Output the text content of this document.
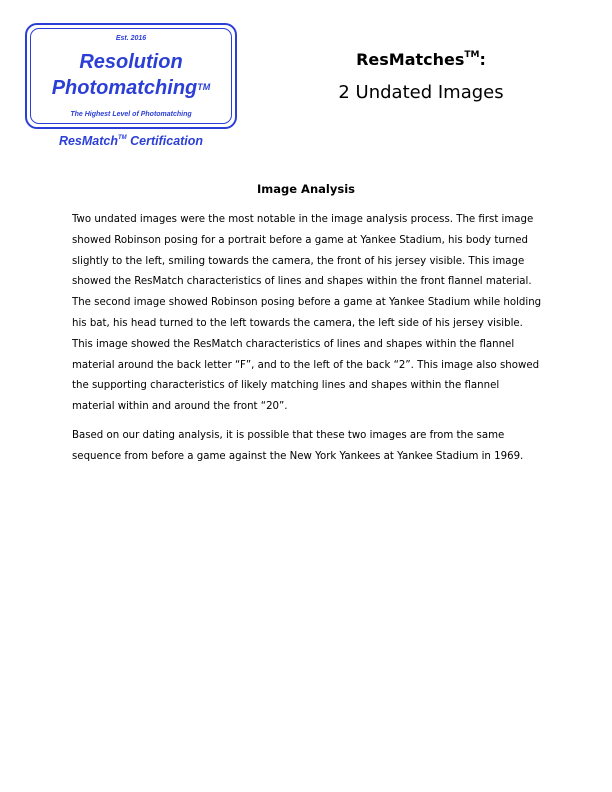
Est. 2016
Resolution
Photomatching™
The Highest Level of Photomatching
ResMatch™ Certification
ResMatches™:
2 Undated Images
Image Analysis

Two undated images were the most notable in the image analysis process. The first image showed Robinson posing for a portrait before a game at Yankee Stadium, his body turned slightly to the left, smiling towards the camera, the front of his jersey visible. This image showed the ResMatch characteristics of lines and shapes within the front flannel material. The second image showed Robinson posing before a game at Yankee Stadium while holding his bat, his head turned to the left towards the camera, the left side of his jersey visible. This image showed the ResMatch characteristics of lines and shapes within the flannel material around the back letter “F”, and to the left of the back “2”. This image also showed the supporting characteristics of likely matching lines and shapes within the flannel material within and around the front “20”.

Based on our dating analysis, it is possible that these two images are from the same sequence from before a game against the New York Yankees at Yankee Stadium in 1969.
